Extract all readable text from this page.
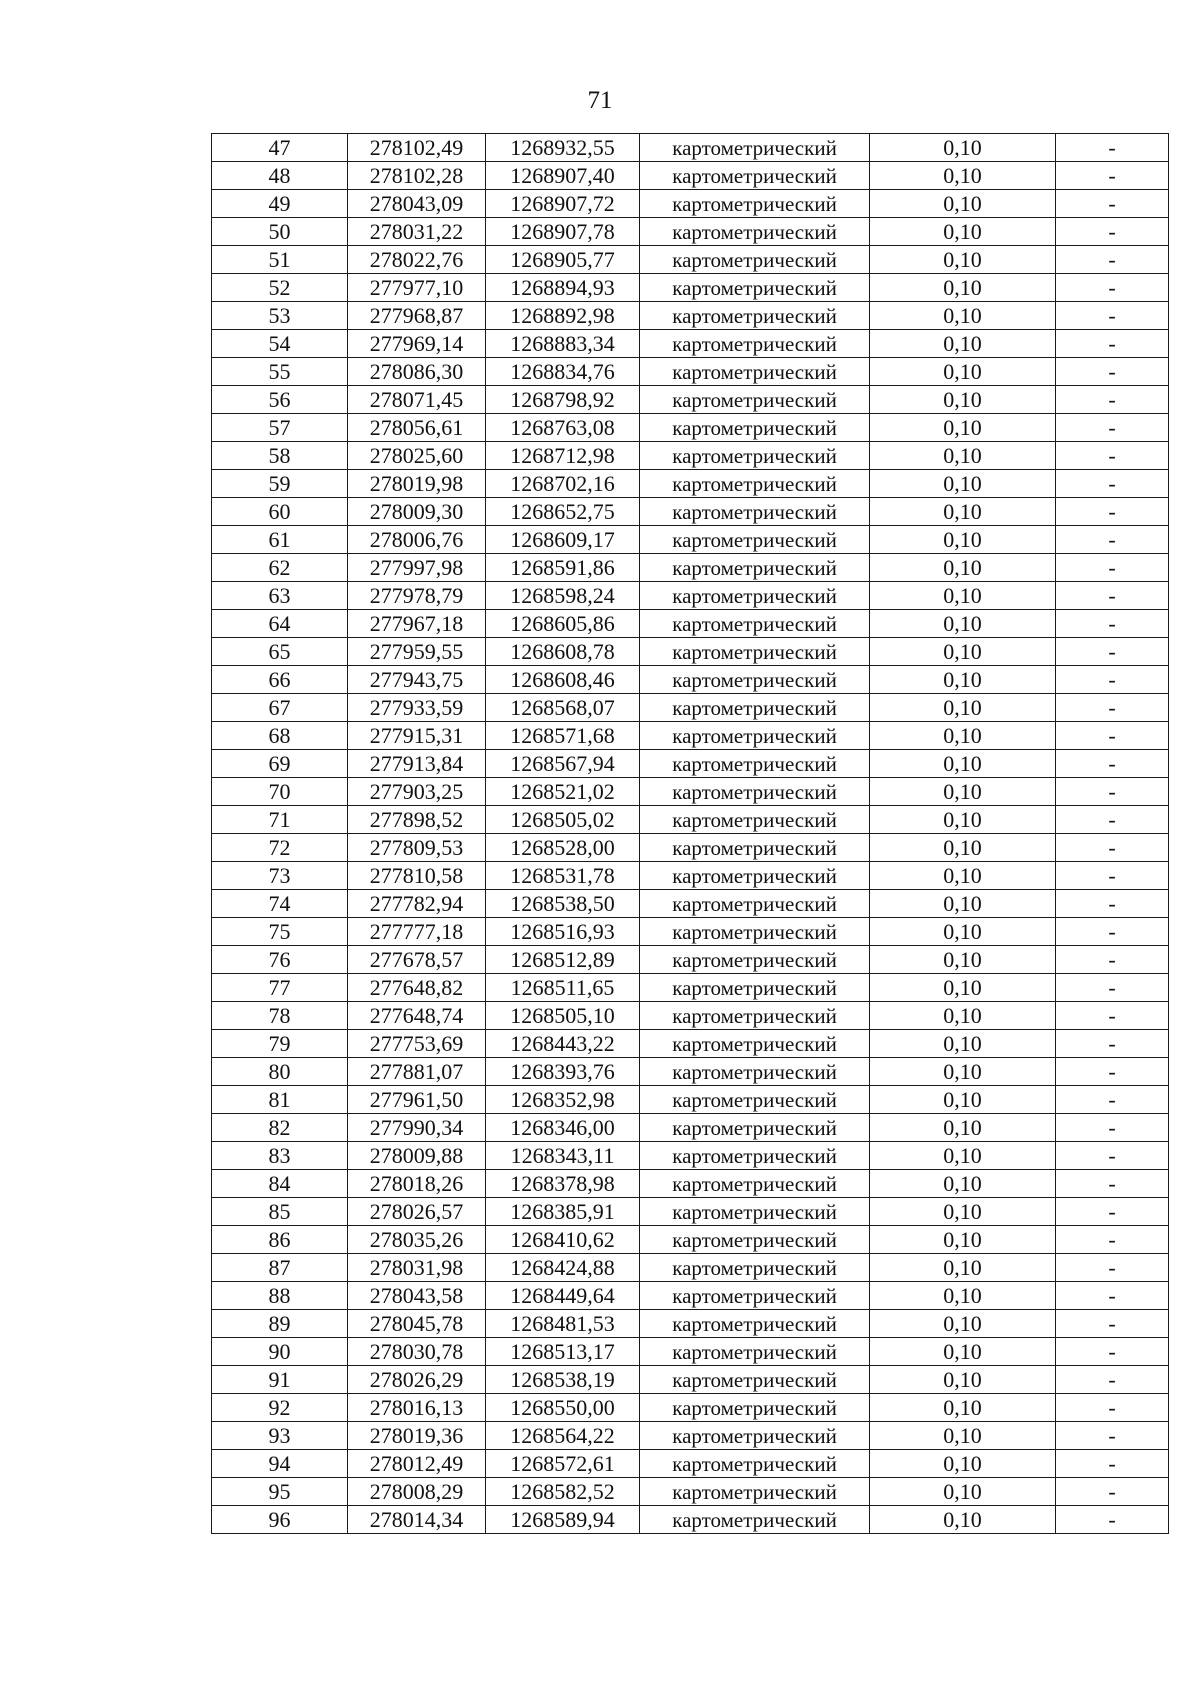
71
47	278102,49	1268932,55	картометрический	0,10	-
48	278102,28	1268907,40	картометрический	0,10	-
49	278043,09	1268907,72	картометрический	0,10	-
50	278031,22	1268907,78	картометрический	0,10	-
51	278022,76	1268905,77	картометрический	0,10	-
52	277977,10	1268894,93	картометрический	0,10	-
53	277968,87	1268892,98	картометрический	0,10	-
54	277969,14	1268883,34	картометрический	0,10	-
55	278086,30	1268834,76	картометрический	0,10	-
56	278071,45	1268798,92	картометрический	0,10	-
57	278056,61	1268763,08	картометрический	0,10	-
58	278025,60	1268712,98	картометрический	0,10	-
59	278019,98	1268702,16	картометрический	0,10	-
60	278009,30	1268652,75	картометрический	0,10	-
61	278006,76	1268609,17	картометрический	0,10	-
62	277997,98	1268591,86	картометрический	0,10	-
63	277978,79	1268598,24	картометрический	0,10	-
64	277967,18	1268605,86	картометрический	0,10	-
65	277959,55	1268608,78	картометрический	0,10	-
66	277943,75	1268608,46	картометрический	0,10	-
67	277933,59	1268568,07	картометрический	0,10	-
68	277915,31	1268571,68	картометрический	0,10	-
69	277913,84	1268567,94	картометрический	0,10	-
70	277903,25	1268521,02	картометрический	0,10	-
71	277898,52	1268505,02	картометрический	0,10	-
72	277809,53	1268528,00	картометрический	0,10	-
73	277810,58	1268531,78	картометрический	0,10	-
74	277782,94	1268538,50	картометрический	0,10	-
75	277777,18	1268516,93	картометрический	0,10	-
76	277678,57	1268512,89	картометрический	0,10	-
77	277648,82	1268511,65	картометрический	0,10	-
78	277648,74	1268505,10	картометрический	0,10	-
79	277753,69	1268443,22	картометрический	0,10	-
80	277881,07	1268393,76	картометрический	0,10	-
81	277961,50	1268352,98	картометрический	0,10	-
82	277990,34	1268346,00	картометрический	0,10	-
83	278009,88	1268343,11	картометрический	0,10	-
84	278018,26	1268378,98	картометрический	0,10	-
85	278026,57	1268385,91	картометрический	0,10	-
86	278035,26	1268410,62	картометрический	0,10	-
87	278031,98	1268424,88	картометрический	0,10	-
88	278043,58	1268449,64	картометрический	0,10	-
89	278045,78	1268481,53	картометрический	0,10	-
90	278030,78	1268513,17	картометрический	0,10	-
91	278026,29	1268538,19	картометрический	0,10	-
92	278016,13	1268550,00	картометрический	0,10	-
93	278019,36	1268564,22	картометрический	0,10	-
94	278012,49	1268572,61	картометрический	0,10	-
95	278008,29	1268582,52	картометрический	0,10	-
96	278014,34	1268589,94	картометрический	0,10	-
